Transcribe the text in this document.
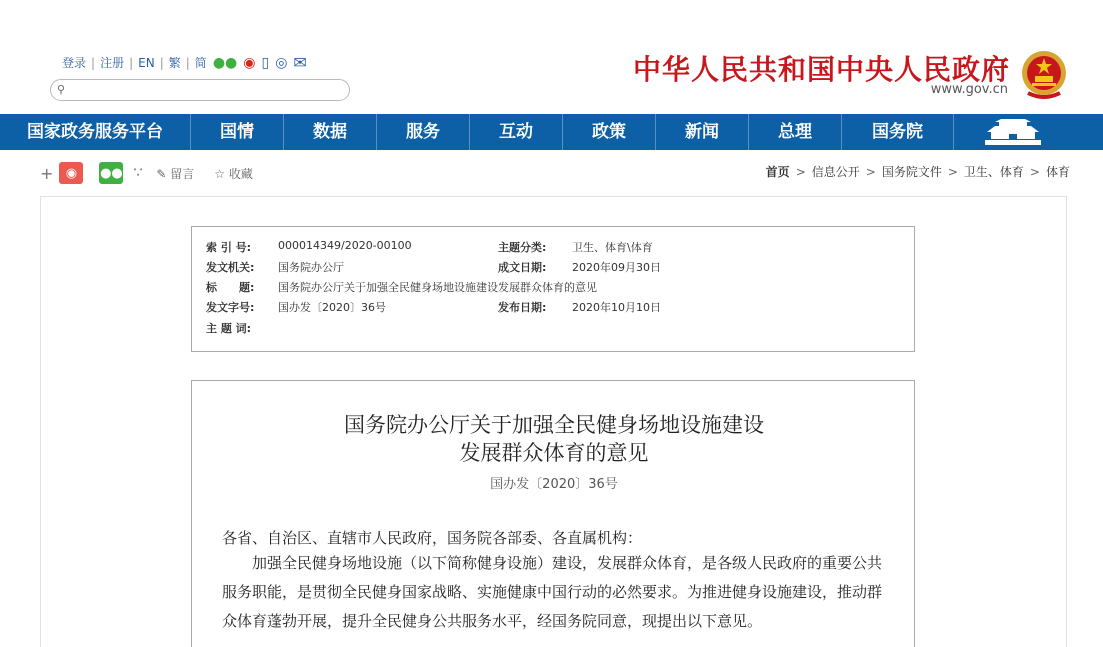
登录 | 注册 | EN | 繁 | 简 ●● ◉ ▯ ◎ ✉
⚲
中华人民共和国中央人民政府
www.gov.cn
国家政务服务平台	国情	数据	服务	互动	政策	新闻	总理	国务院
+ ◉	●● ∵ ✎ 留言 ☆ 收藏	首页 > 信息公开 > 国务院文件 > 卫生、体育 > 体育
索 引 号: 000014349/2020-00100	主题分类: 卫生、体育\体育
发文机关: 国务院办公厅	成文日期: 2020年09月30日
标　　题: 国务院办公厅关于加强全民健身场地设施建设发展群众体育的意见
发文字号: 国办发〔2020〕36号	发布日期: 2020年10月10日
主 题 词:
国务院办公厅关于加强全民健身场地设施建设
发展群众体育的意见
国办发〔2020〕36号
各省、自治区、直辖市人民政府，国务院各部委、各直属机构：
加强全民健身场地设施（以下简称健身设施）建设，发展群众体育，是各级人民政府的重要公共服务职能，是贯彻全民健身国家战略、实施健康中国行动的必然要求。为推进健身设施建设，推动群众体育蓬勃开展，提升全民健身公共服务水平，经国务院同意，现提出以下意见。
